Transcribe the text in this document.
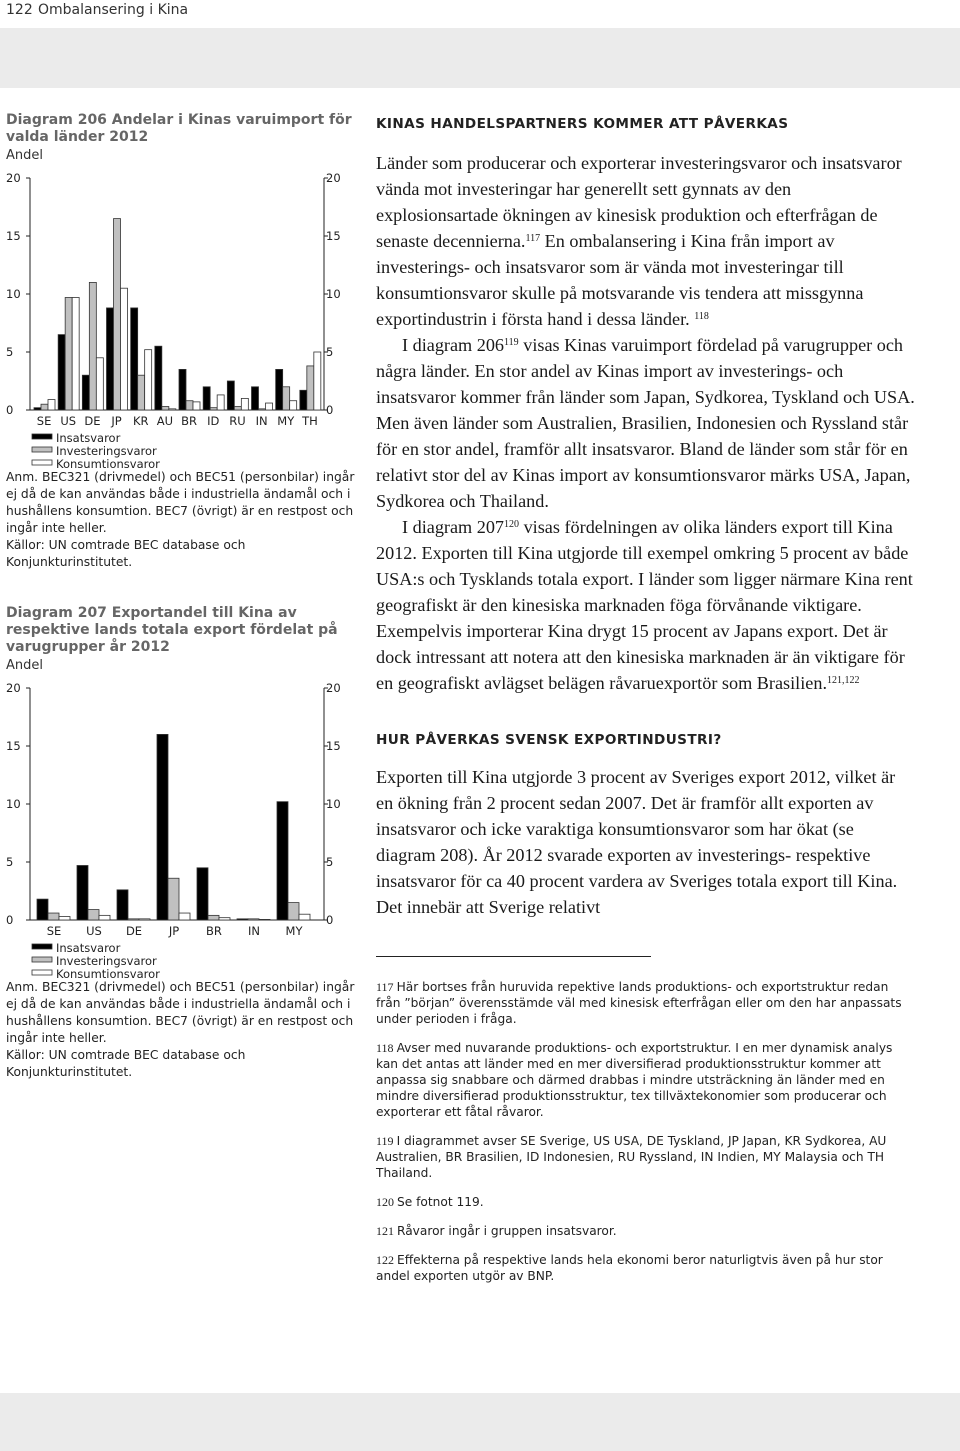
122 Ombalansering i Kina

Diagram 206 Andelar i Kinas varuimport för valda länder 2012

Andel

0	0
5	5
10	10
15	15
20	20
SE US DE JP KR AU BR ID RU IN MY TH
Insatsvaror
Investeringsvaror
Konsumtionsvaror

Anm. BEC321 (drivmedel) och BEC51 (personbilar) ingår ej då de kan användas både i industriella ändamål och i hushållens konsumtion. BEC7 (övrigt) är en restpost och ingår inte heller.

Källor: UN comtrade BEC database och Konjunkturinstitutet.

Diagram 207 Exportandel till Kina av respektive lands totala export fördelat på varugrupper år 2012

Andel

0	0
5	5
10	10
15	15
20	20
SE US DE JP BR IN MY
Insatsvaror
Investeringsvaror
Konsumtionsvaror

Anm. BEC321 (drivmedel) och BEC51 (personbilar) ingår ej då de kan användas både i industriella ändamål och i hushållens konsumtion. BEC7 (övrigt) är en restpost och ingår inte heller.

Källor: UN comtrade BEC database och Konjunkturinstitutet.

KINAS HANDELSPARTNERS KOMMER ATT PÅVERKAS

Länder som producerar och exporterar investeringsvaror och insatsvaror vända mot investeringar har generellt sett gynnats av den explosionsartade ökningen av kinesisk produktion och efterfrågan de senaste decennierna.$^{117}$ En ombalansering i Kina från import av investerings- och insatsvaror som är vända mot investeringar till konsumtionsvaror skulle på motsvarande vis tendera att missgynna exportindustrin i första hand i dessa länder. $^{118}$

I diagram $206^{119}$ visas Kinas varuimport fördelad på varugrupper och några länder. En stor andel av Kinas import av investerings- och insatsvaror kommer från länder som Japan, Sydkorea, Tyskland och USA. Men även länder som Australien, Brasilien, Indonesien och Ryssland står för en stor andel, framför allt insatsvaror. Bland de länder som står för en relativt stor del av Kinas import av konsumtionsvaror märks USA, Japan, Sydkorea och Thailand.

I diagram $207^{120}$ visas fördelningen av olika länders export till Kina 2012. Exporten till Kina utgjorde till exempel omkring 5 procent av både USA:s och Tysklands totala export. I länder som ligger närmare Kina rent geografiskt är den kinesiska marknaden föga förvånande viktigare. Exempelvis importerar Kina drygt 15 procent av Japans export. Det är dock intressant att notera att den kinesiska marknaden är än viktigare för en geografiskt avlägset belägen råvaruexportör som Brasilien.$^{121,122}$

HUR PÅVERKAS SVENSK EXPORTINDUSTRI?

Exporten till Kina utgjorde 3 procent av Sveriges export 2012, vilket är en ökning från 2 procent sedan 2007. Det är framför allt exporten av insatsvaror och icke varaktiga konsumtionsvaror som har ökat (se diagram 208). År 2012 svarade exporten av investerings- respektive insatsvaror för ca 40 procent vardera av Sveriges totala export till Kina. Det innebär att Sverige relativt

117 Här bortses från huruvida repektive lands produktions- och exportstruktur redan från ”början” överensstämde väl med kinesisk efterfrågan eller om den har anpassats under perioden i fråga.

118 Avser med nuvarande produktions- och exportstruktur. I en mer dynamisk analys kan det antas att länder med en mer diversifierad produktionsstruktur kommer att anpassa sig snabbare och därmed drabbas i mindre utsträckning än länder med en mindre diversifierad produktionsstruktur, tex tillväxtekonomier som producerar och exporterar ett fåtal råvaror.

119 I diagrammet avser SE Sverige, US USA, DE Tyskland, JP Japan, KR Sydkorea, AU Australien, BR Brasilien, ID Indonesien, RU Ryssland, IN Indien, MY Malaysia och TH Thailand.

120 Se fotnot 119.

121 Råvaror ingår i gruppen insatsvaror.

122 Effekterna på respektive lands hela ekonomi beror naturligtvis även på hur stor andel exporten utgör av BNP.
